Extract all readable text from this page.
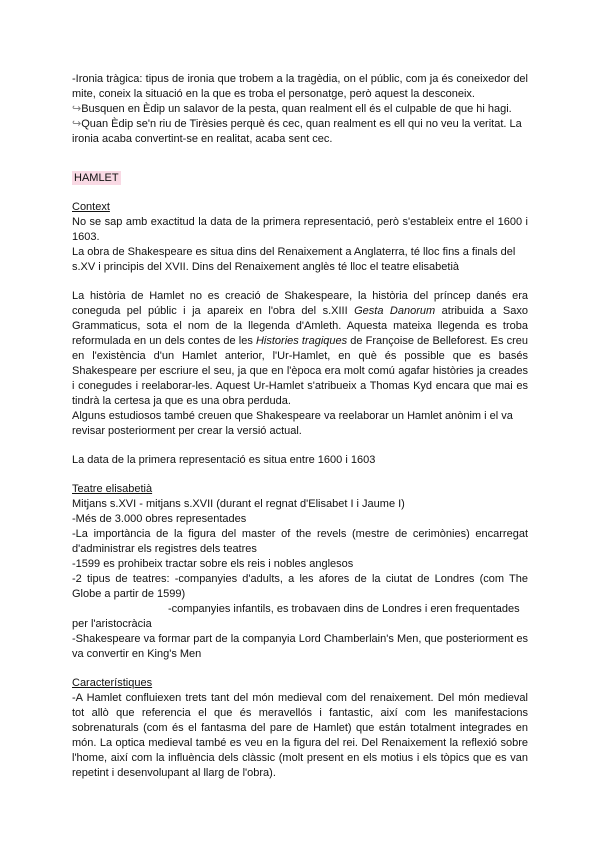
-Ironia tràgica: tipus de ironia que trobem a la tragèdia, on el públic, com ja és coneixedor del mite, coneix la situació en la que es troba el personatge, però aquest la desconeix.

↪Busquen en Èdip un salavor de la pesta, quan realment ell és el culpable de que hi hagi.

↪Quan Èdip se'n riu de Tirèsies perquè és cec, quan realment es ell qui no veu la veritat. La ironia acaba convertint-se en realitat, acaba sent cec.

HAMLET

Context

No se sap amb exactitud la data de la primera representació, però s'estableix entre el 1600 i 1603.

La obra de Shakespeare es situa dins del Renaixement a Anglaterra, té lloc fins a finals del s.XV i principis del XVII. Dins del Renaixement anglès té lloc el teatre elisabetià

La història de Hamlet no es creació de Shakespeare, la història del príncep danés era coneguda pel públic i ja apareix en l'obra del s.XIII Gesta Danorum atribuida a Saxo Grammaticus, sota el nom de la llegenda d'Amleth. Aquesta mateixa llegenda es troba reformulada en un dels contes de les Histories tragiques de Françoise de Belleforest. Es creu en l'existència d'un Hamlet anterior, l'Ur-Hamlet, en què és possible que es basés Shakespeare per escriure el seu, ja que en l'època era molt comú agafar històries ja creades i conegudes i reelaborar-les. Aquest Ur-Hamlet s'atribueix a Thomas Kyd encara que mai es tindrà la certesa ja que es una obra perduda.

Alguns estudiosos també creuen que Shakespeare va reelaborar un Hamlet anònim i el va revisar posteriorment per crear la versió actual.

La data de la primera representació es situa entre 1600 i 1603

Teatre elisabetià

Mitjans s.XVI - mitjans s.XVII (durant el regnat d'Elisabet I i Jaume I)

-Més de 3.000 obres representades

-La importància de la figura del master of the revels (mestre de cerimònies) encarregat d'administrar els registres dels teatres

-1599 es prohibeix tractar sobre els reis i nobles anglesos

-2 tipus de teatres: -companyies d'adults, a les afores de la ciutat de Londres (com The Globe a partir de 1599)

-companyies infantils, es trobavaen dins de Londres i eren frequentades

per l'aristocràcia

-Shakespeare va formar part de la companyia Lord Chamberlain's Men, que posteriorment es va convertir en King's Men

Característiques

-A Hamlet confluiexen trets tant del món medieval com del renaixement. Del món medieval tot allò que referencia el que és meravellós i fantastic, així com les manifestacions sobrenaturals (com és el fantasma del pare de Hamlet) que están totalment integrades en món. La optica medieval també es veu en la figura del rei. Del Renaixement la reflexió sobre l'home, així com la influència dels clàssic (molt present en els motius i els tòpics que es van repetint i desenvolupant al llarg de l'obra).
